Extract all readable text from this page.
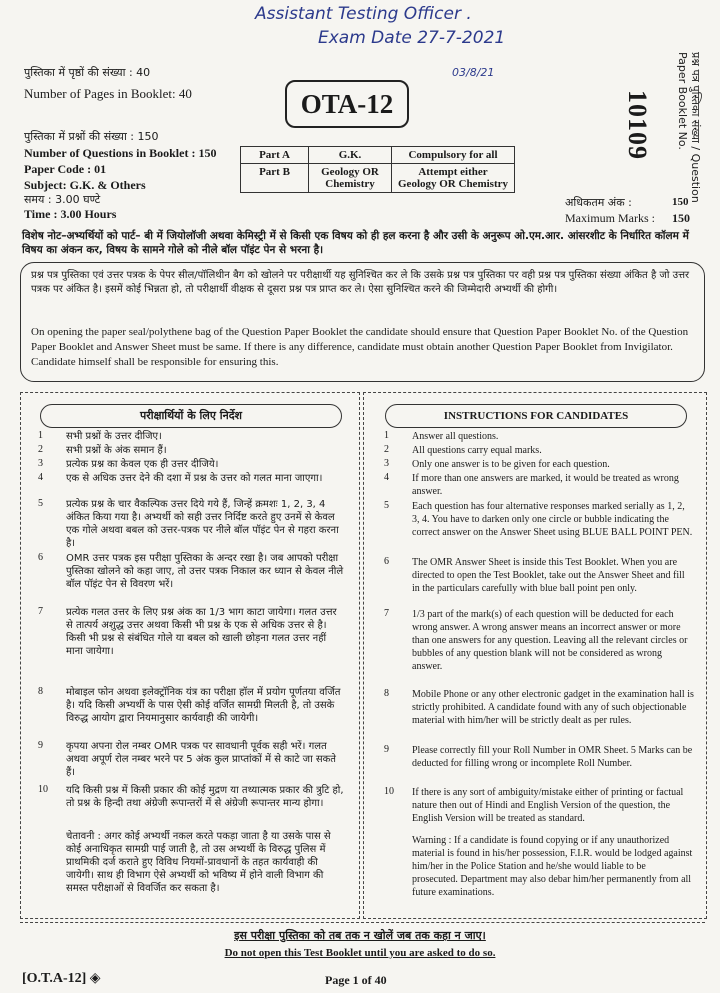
Assistant Testing Officer .
Exam Date 27-7-2021
03/8/21
पुस्तिका में पृष्ठों की संख्या : 40
Number of Pages in Booklet: 40
पुस्तिका में प्रश्नों की संख्या : 150
Number of Questions in Booklet : 150
Paper Code : 01
Subject: G.K. & Others
समय : 3.00 घण्टे
Time : 3.00 Hours
OTA-12
Part A	G.K.	Compulsory for all
Part B	Geology OR Chemistry	Attempt either Geology OR Chemistry	प्रश्न पत्र पुस्तिका संख्या / Question Paper Booklet No.
10109
अधिकतम अंक :	150
Maximum Marks : 150
विशेष नोट–अभ्यर्थियों को पार्ट– बी में जियोलॉजी अथवा केमिस्ट्री में से किसी एक विषय को ही हल करना है और उसी के अनुरूप ओ.एम.आर. आंसरशीट के निर्धारित कॉलम में विषय का अंकन कर, विषय के सामने गोले को नीले बॉल पॉइंट पेन से भरना है।
प्रश्न पत्र पुस्तिका एवं उत्तर पत्रक के पेपर सील/पॉलिथीन बैग को खोलने पर परीक्षार्थी यह सुनिश्चित कर ले कि उसके प्रश्न पत्र पुस्तिका पर वही प्रश्न पत्र पुस्तिका संख्या अंकित है जो उत्तर पत्रक पर अंकित है। इसमें कोई भिन्नता हो, तो परीक्षार्थी वीक्षक से दूसरा प्रश्न पत्र प्राप्त कर ले। ऐसा सुनिश्चित करने की जिम्मेदारी अभ्यर्थी की होगी।
On opening the paper seal/polythene bag of the Question Paper Booklet the candidate should ensure that Question Paper Booklet No. of the Question Paper Booklet and Answer Sheet must be same. If there is any difference, candidate must obtain another Question Paper Booklet from Invigilator. Candidate himself shall be responsible for ensuring this.
परीक्षार्थियों के लिए निर्देश
1 सभी प्रश्नों के उत्तर दीजिए।
2 सभी प्रश्नों के अंक समान हैं।
3 प्रत्येक प्रश्न का केवल एक ही उत्तर दीजिये।
4 एक से अधिक उत्तर देने की दशा में प्रश्न के उत्तर को गलत माना जाएगा।
5 प्रत्येक प्रश्न के चार वैकल्पिक उत्तर दिये गये हैं, जिन्हें क्रमशः 1, 2, 3, 4 अंकित किया गया है। अभ्यर्थी को सही उत्तर निर्दिष्ट करते हुए उनमें से केवल एक गोले अथवा बबल को उत्तर-पत्रक पर नीले बॉल पॉइंट पेन से गहरा करना है।
6 OMR उत्तर पत्रक इस परीक्षा पुस्तिका के अन्दर रखा है। जब आपको परीक्षा पुस्तिका खोलने को कहा जाए, तो उत्तर पत्रक निकाल कर ध्यान से केवल नीले बॉल पॉइंट पेन से विवरण भरें।
7 प्रत्येक गलत उत्तर के लिए प्रश्न अंक का 1/3 भाग काटा जायेगा। गलत उत्तर से तात्पर्य अशुद्ध उत्तर अथवा किसी भी प्रश्न के एक से अधिक उत्तर से है। किसी भी प्रश्न से संबंधित गोले या बबल को खाली छोड़ना गलत उत्तर नहीं माना जायेगा।
8 मोबाइल फोन अथवा इलेक्ट्रॉनिक यंत्र का परीक्षा हॉल में प्रयोग पूर्णतया वर्जित है। यदि किसी अभ्यर्थी के पास ऐसी कोई वर्जित सामग्री मिलती है, तो उसके विरुद्ध आयोग द्वारा नियमानुसार कार्यवाही की जायेगी।
9 कृपया अपना रोल नम्बर OMR पत्रक पर सावधानी पूर्वक सही भरें। गलत अथवा अपूर्ण रोल नम्बर भरने पर 5 अंक कुल प्राप्तांकों में से काटे जा सकते हैं।
10 यदि किसी प्रश्न में किसी प्रकार की कोई मुद्रण या तथ्यात्मक प्रकार की त्रुटि हो, तो प्रश्न के हिन्दी तथा अंग्रेजी रूपान्तरों में से अंग्रेजी रूपान्तर मान्य होगा।
चेतावनी : अगर कोई अभ्यर्थी नकल करते पकड़ा जाता है या उसके पास से कोई अनाधिकृत सामग्री पाई जाती है, तो उस अभ्यर्थी के विरुद्ध पुलिस में प्राथमिकी दर्ज कराते हुए विविध नियमों-प्रावधानों के तहत कार्यवाही की जायेगी। साथ ही विभाग ऐसे अभ्यर्थी को भविष्य में होने वाली विभाग की समस्त परीक्षाओं से विवर्जित कर सकता है।
INSTRUCTIONS FOR CANDIDATES
1 Answer all questions.
2 All questions carry equal marks.
3 Only one answer is to be given for each question.
4 If more than one answers are marked, it would be treated as wrong answer.
5 Each question has four alternative responses marked serially as 1, 2, 3, 4. You have to darken only one circle or bubble indicating the correct answer on the Answer Sheet using BLUE BALL POINT PEN.
6 The OMR Answer Sheet is inside this Test Booklet. When you are directed to open the Test Booklet, take out the Answer Sheet and fill in the particulars carefully with blue ball point pen only.
7 1/3 part of the mark(s) of each question will be deducted for each wrong answer. A wrong answer means an incorrect answer or more than one answers for any question. Leaving all the relevant circles or bubbles of any question blank will not be considered as wrong answer.
8 Mobile Phone or any other electronic gadget in the examination hall is strictly prohibited. A candidate found with any of such objectionable material with him/her will be strictly dealt as per rules.
9 Please correctly fill your Roll Number in OMR Sheet. 5 Marks can be deducted for filling wrong or incomplete Roll Number.
10 If there is any sort of ambiguity/mistake either of printing or factual nature then out of Hindi and English Version of the question, the English Version will be treated as standard.
Warning : If a candidate is found copying or if any unauthorized material is found in his/her possession, F.I.R. would be lodged against him/her in the Police Station and he/she would liable to be prosecuted. Department may also debar him/her permanently from all future examinations.
इस परीक्षा पुस्तिका को तब तक न खोलें जब तक कहा न जाए।
Do not open this Test Booklet until you are asked to do so.
[O.T.A-12] ◈	Page 1 of 40
